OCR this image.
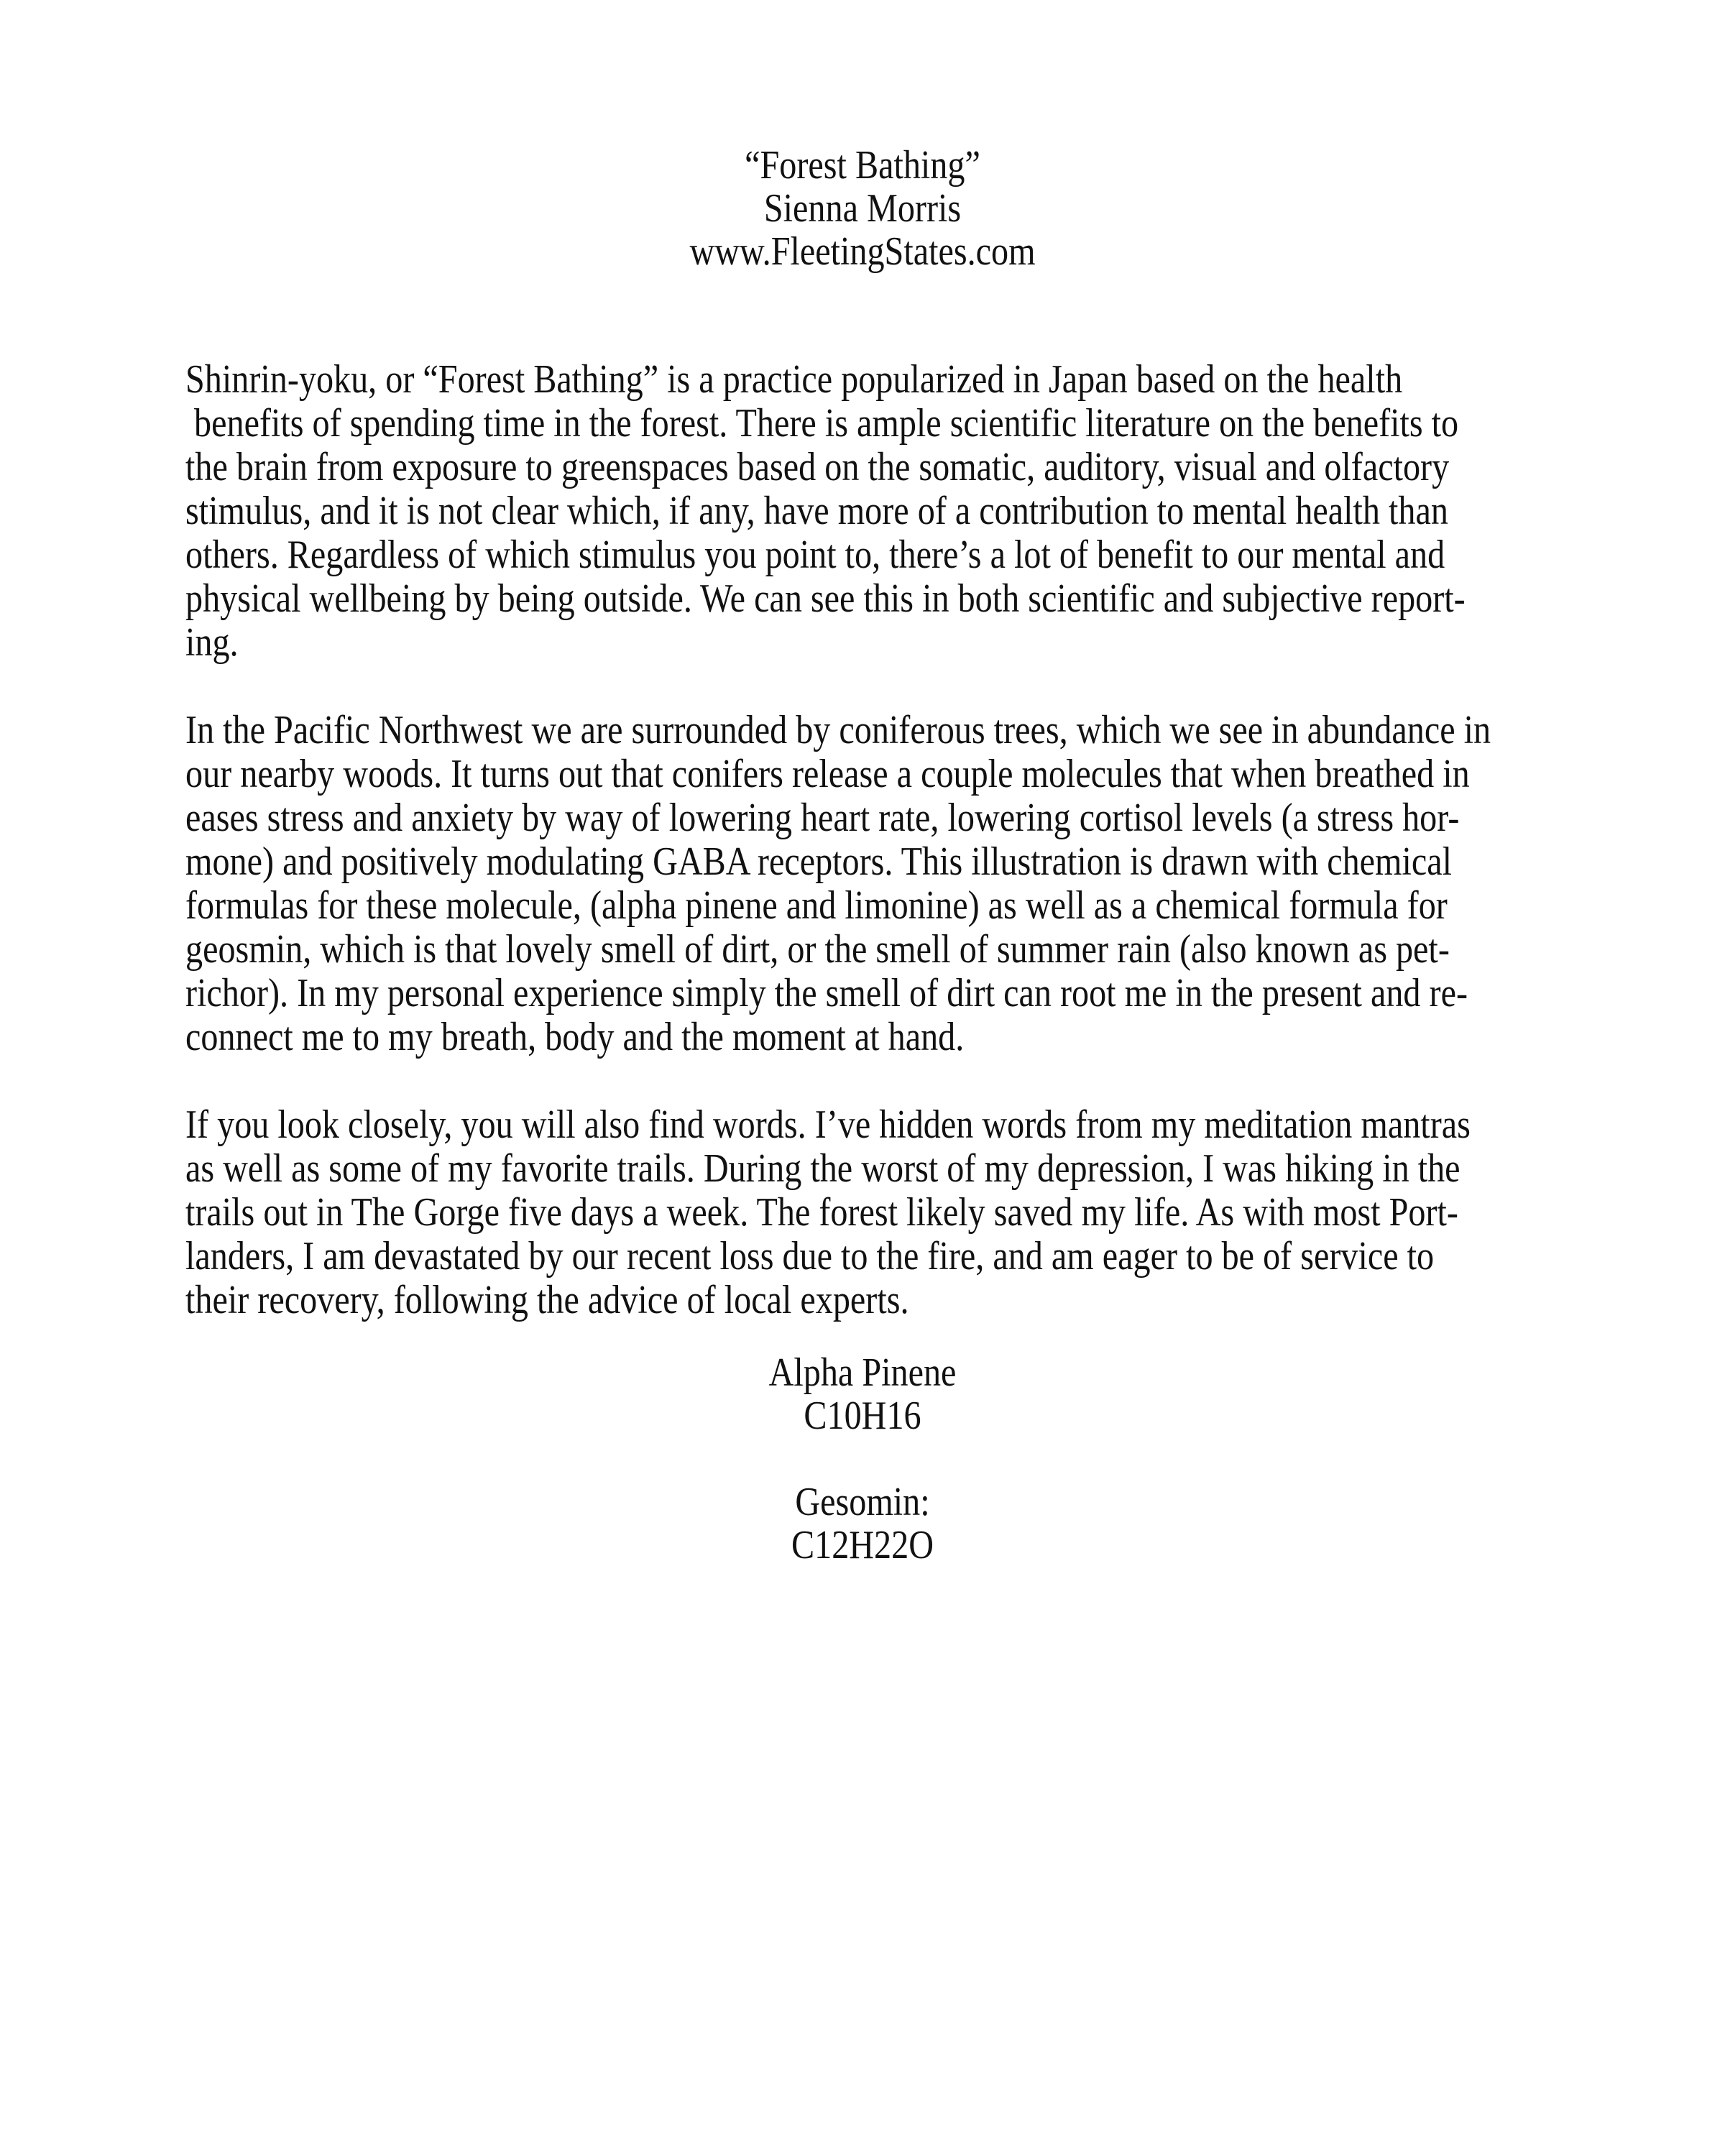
“Forest Bathing”
Sienna Morris
www.FleetingStates.com
Shinrin-yoku, or “Forest Bathing” is a practice popularized in Japan based on the health
benefits of spending time in the forest. There is ample scientific literature on the benefits to
the brain from exposure to greenspaces based on the somatic, auditory, visual and olfactory
stimulus, and it is not clear which, if any, have more of a contribution to mental health than
others. Regardless of which stimulus you point to, there’s a lot of benefit to our mental and
physical wellbeing by being outside. We can see this in both scientific and subjective report-
ing.
In the Pacific Northwest we are surrounded by coniferous trees, which we see in abundance in
our nearby woods. It turns out that conifers release a couple molecules that when breathed in
eases stress and anxiety by way of lowering heart rate, lowering cortisol levels (a stress hor-
mone) and positively modulating GABA receptors. This illustration is drawn with chemical
formulas for these molecule, (alpha pinene and limonine) as well as a chemical formula for
geosmin, which is that lovely smell of dirt, or the smell of summer rain (also known as pet-
richor). In my personal experience simply the smell of dirt can root me in the present and re-
connect me to my breath, body and the moment at hand.
If you look closely, you will also find words. I’ve hidden words from my meditation mantras
as well as some of my favorite trails. During the worst of my depression, I was hiking in the
trails out in The Gorge five days a week. The forest likely saved my life. As with most Port-
landers, I am devastated by our recent loss due to the fire, and am eager to be of service to
their recovery, following the advice of local experts.
Alpha Pinene
C10H16
Gesomin:
C12H22O
